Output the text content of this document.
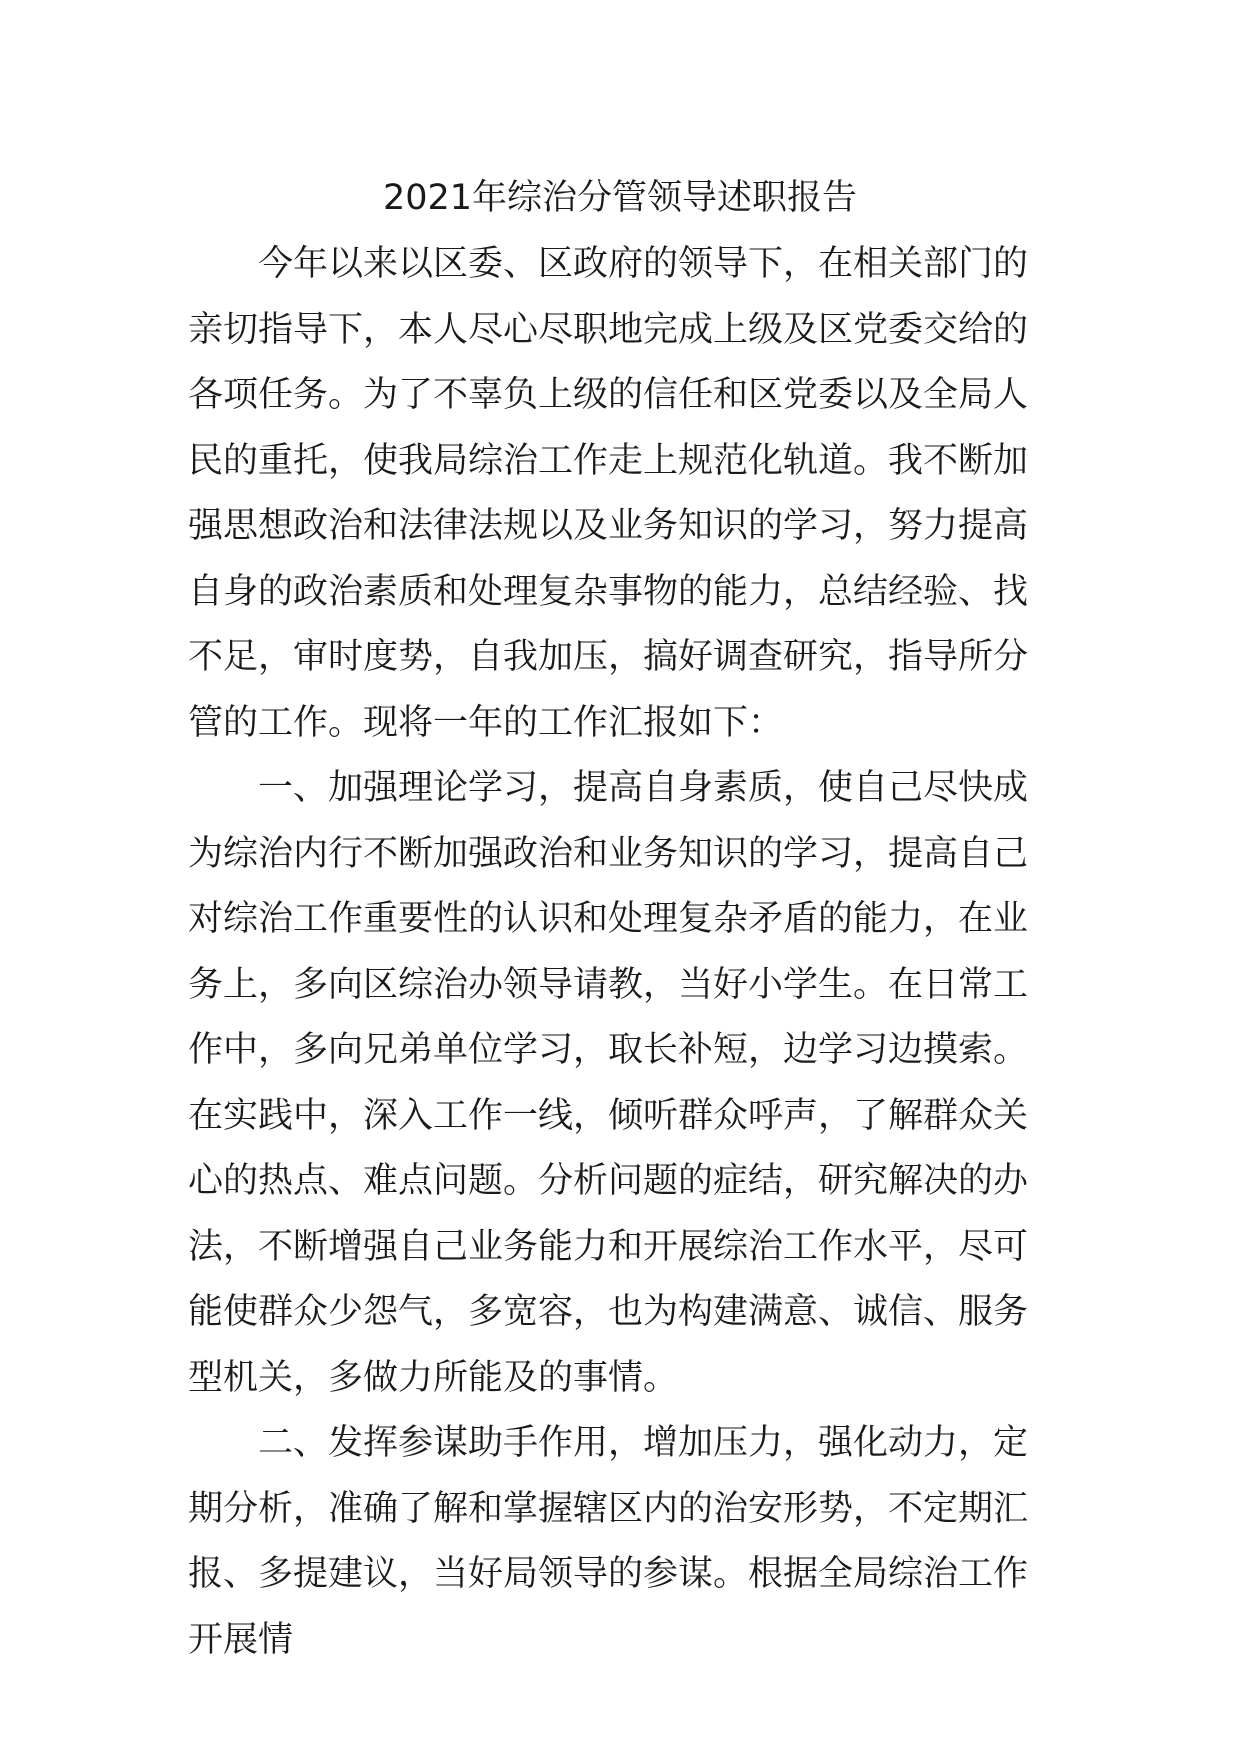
2021年综治分管领导述职报告

今年以来以区委、区政府的领导下，在相关部门的亲切指导下，本人尽心尽职地完成上级及区党委交给的各项任务。为了不辜负上级的信任和区党委以及全局人民的重托，使我局综治工作走上规范化轨道。我不断加强思想政治和法律法规以及业务知识的学习，努力提高自身的政治素质和处理复杂事物的能力，总结经验、找不足，审时度势，自我加压，搞好调查研究，指导所分管的工作。现将一年的工作汇报如下：

一、加强理论学习，提高自身素质，使自己尽快成为综治内行不断加强政治和业务知识的学习，提高自己对综治工作重要性的认识和处理复杂矛盾的能力，在业务上，多向区综治办领导请教，当好小学生。在日常工作中，多向兄弟单位学习，取长补短，边学习边摸索。在实践中，深入工作一线，倾听群众呼声，了解群众关心的热点、难点问题。分析问题的症结，研究解决的办法，不断增强自己业务能力和开展综治工作水平，尽可能使群众少怨气，多宽容，也为构建满意、诚信、服务型机关，多做力所能及的事情。

二、发挥参谋助手作用，增加压力，强化动力，定期分析，准确了解和掌握辖区内的治安形势，不定期汇报、多提建议，当好局领导的参谋。根据全局综治工作开展情
